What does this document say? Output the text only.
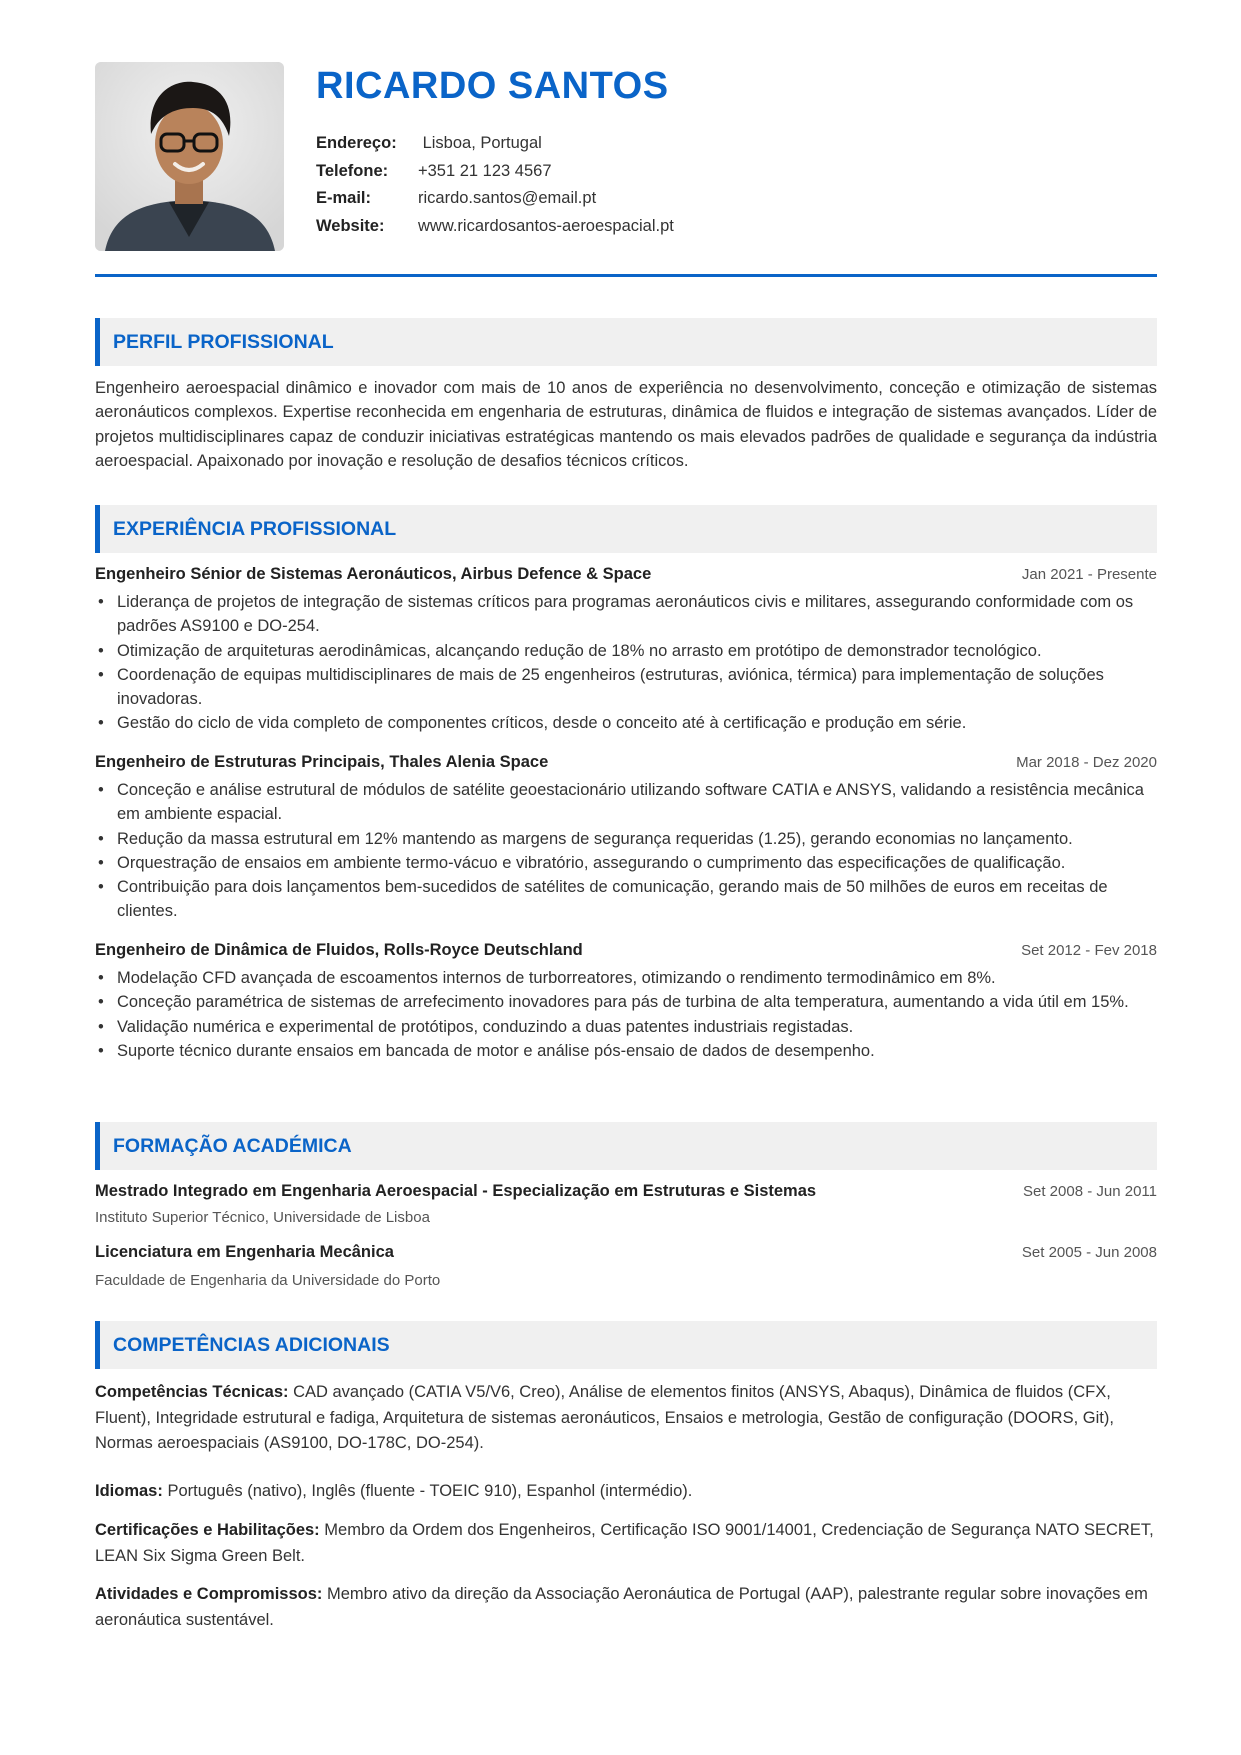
RICARDO SANTOS
Endereço:	Lisboa, Portugal
Telefone:	+351 21 123 4567
E-mail:	ricardo.santos@email.pt
Website:	www.ricardosantos-aeroespacial.pt
PERFIL PROFISSIONAL

Engenheiro aeroespacial dinâmico e inovador com mais de 10 anos de experiência no desenvolvimento, conceção e otimização de sistemas aeronáuticos complexos. Expertise reconhecida em engenharia de estruturas, dinâmica de fluidos e integração de sistemas avançados. Líder de projetos multidisciplinares capaz de conduzir iniciativas estratégicas mantendo os mais elevados padrões de qualidade e segurança da indústria aeroespacial. Apaixonado por inovação e resolução de desafios técnicos críticos.

EXPERIÊNCIA PROFISSIONAL
Engenheiro Sénior de Sistemas Aeronáuticos, Airbus Defence & Space	Jan 2021 - Presente
• Liderança de projetos de integração de sistemas críticos para programas aeronáuticos civis e militares, assegurando conformidade com os padrões AS9100 e DO-254.
• Otimização de arquiteturas aerodinâmicas, alcançando redução de 18% no arrasto em protótipo de demonstrador tecnológico.
• Coordenação de equipas multidisciplinares de mais de 25 engenheiros (estruturas, aviónica, térmica) para implementação de soluções inovadoras.
• Gestão do ciclo de vida completo de componentes críticos, desde o conceito até à certificação e produção em série.
Engenheiro de Estruturas Principais, Thales Alenia Space	Mar 2018 - Dez 2020
• Conceção e análise estrutural de módulos de satélite geoestacionário utilizando software CATIA e ANSYS, validando a resistência mecânica em ambiente espacial.
• Redução da massa estrutural em 12% mantendo as margens de segurança requeridas (1.25), gerando economias no lançamento.
• Orquestração de ensaios em ambiente termo-vácuo e vibratório, assegurando o cumprimento das especificações de qualificação.
• Contribuição para dois lançamentos bem-sucedidos de satélites de comunicação, gerando mais de 50 milhões de euros em receitas de clientes.
Engenheiro de Dinâmica de Fluidos, Rolls-Royce Deutschland	Set 2012 - Fev 2018
• Modelação CFD avançada de escoamentos internos de turborreatores, otimizando o rendimento termodinâmico em 8%.
• Conceção paramétrica de sistemas de arrefecimento inovadores para pás de turbina de alta temperatura, aumentando a vida útil em 15%.
• Validação numérica e experimental de protótipos, conduzindo a duas patentes industriais registadas.
• Suporte técnico durante ensaios em bancada de motor e análise pós-ensaio de dados de desempenho.
FORMAÇÃO ACADÉMICA
Mestrado Integrado em Engenharia Aeroespacial - Especialização em Estruturas e Sistemas	Set 2008 - Jun 2011
Instituto Superior Técnico, Universidade de Lisboa
Licenciatura em Engenharia Mecânica	Set 2005 - Jun 2008
Faculdade de Engenharia da Universidade do Porto
COMPETÊNCIAS ADICIONAIS

Competências Técnicas: CAD avançado (CATIA V5/V6, Creo), Análise de elementos finitos (ANSYS, Abaqus), Dinâmica de fluidos (CFX, Fluent), Integridade estrutural e fadiga, Arquitetura de sistemas aeronáuticos, Ensaios e metrologia, Gestão de configuração (DOORS, Git), Normas aeroespaciais (AS9100, DO-178C, DO-254).

Idiomas: Português (nativo), Inglês (fluente - TOEIC 910), Espanhol (intermédio).

Certificações e Habilitações: Membro da Ordem dos Engenheiros, Certificação ISO 9001/14001, Credenciação de Segurança NATO SECRET, LEAN Six Sigma Green Belt.

Atividades e Compromissos: Membro ativo da direção da Associação Aeronáutica de Portugal (AAP), palestrante regular sobre inovações em aeronáutica sustentável.
